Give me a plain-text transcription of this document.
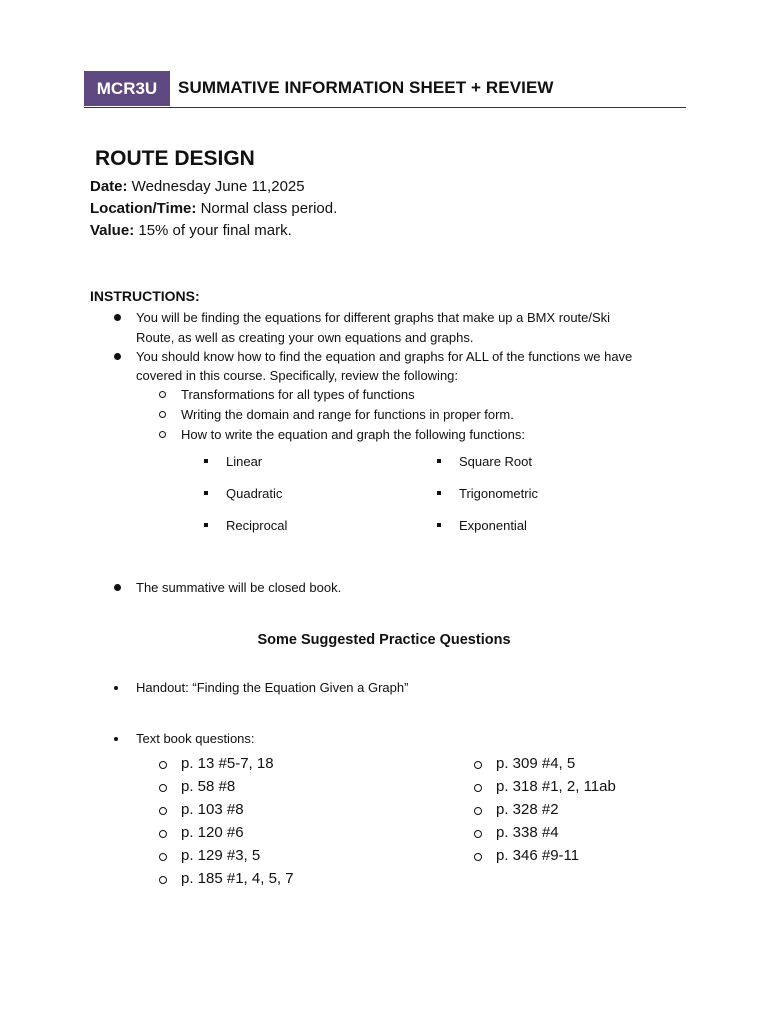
MCR3U	SUMMATIVE INFORMATION SHEET + REVIEW
ROUTE DESIGN
Date: Wednesday June 11,2025
Location/Time: Normal class period.
Value: 15% of your final mark.
INSTRUCTIONS:
You will be finding the equations for different graphs that make up a BMX route/Ski
Route, as well as creating your own equations and graphs.
You should know how to find the equation and graphs for ALL of the functions we have
covered in this course. Specifically, review the following:
Transformations for all types of functions
Writing the domain and range for functions in proper form.
How to write the equation and graph the following functions:
Linear
Quadratic
Reciprocal
Square Root
Trigonometric
Exponential
The summative will be closed book.
Some Suggested Practice Questions
Handout: “Finding the Equation Given a Graph”
Text book questions:
p. 13 #5-7, 18
p. 58 #8
p. 103 #8
p. 120 #6
p. 129 #3, 5
p. 185 #1, 4, 5, 7
p. 309 #4, 5
p. 318 #1, 2, 11ab
p. 328 #2
p. 338 #4
p. 346 #9-11
